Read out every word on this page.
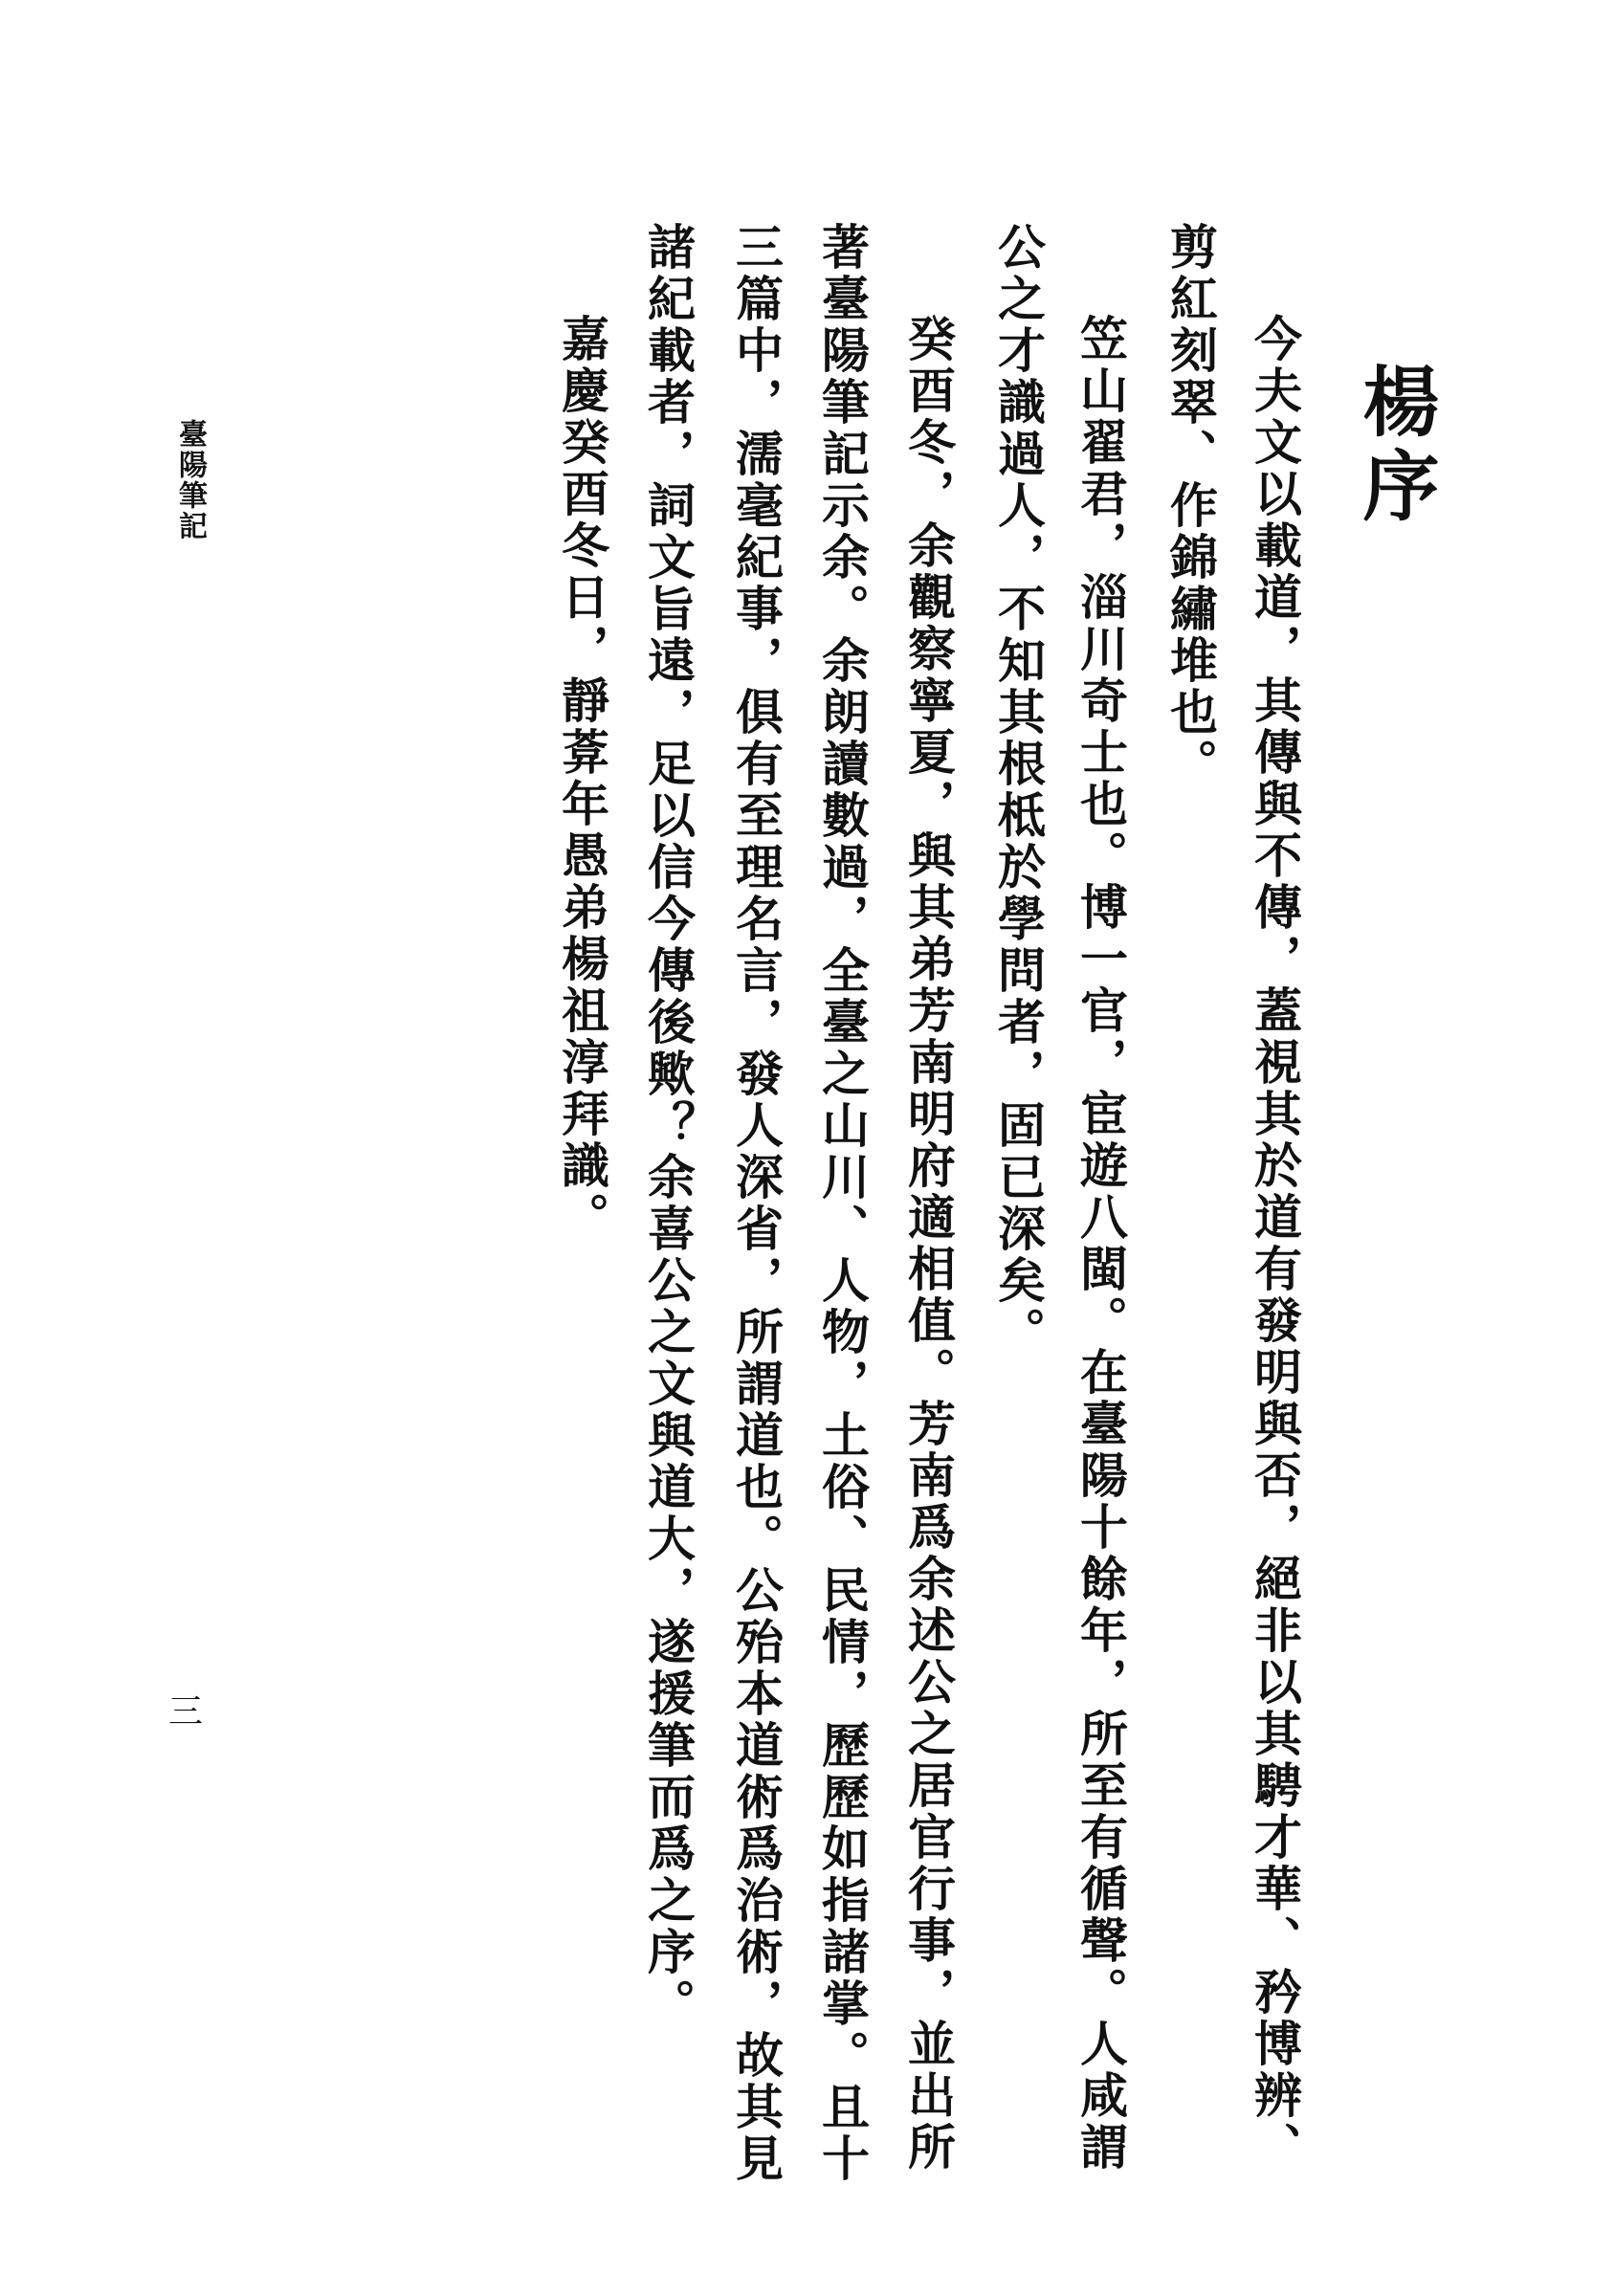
楊序
今夫文以載道，其傳與不傳，蓋視其於道有發明與否，絕非以其騁才華、矜博辨、
剪紅刻翠、作錦繡堆也。
笠山翟君，淄川奇士也。博一官，宦遊八閩。在臺陽十餘年，所至有循聲。人咸謂
公之才識過人，不知其根柢於學問者，固已深矣。
癸酉冬，余觀察寧夏，與其弟芳南明府適相值。芳南爲余述公之居官行事，並出所
著臺陽筆記示余。余朗讀數過，全臺之山川、人物，土俗、民情，歷歷如指諸掌。且十
三篇中，濡毫紀事，俱有至理名言，發人深省，所謂道也。公殆本道術爲治術，故其見
諸紀載者，詞文旨遠，足以信今傳後歟？余喜公之文與道大，遂援筆而爲之序。
嘉慶癸酉冬日，靜葊年愚弟楊祖淳拜識。
臺陽筆記
三
